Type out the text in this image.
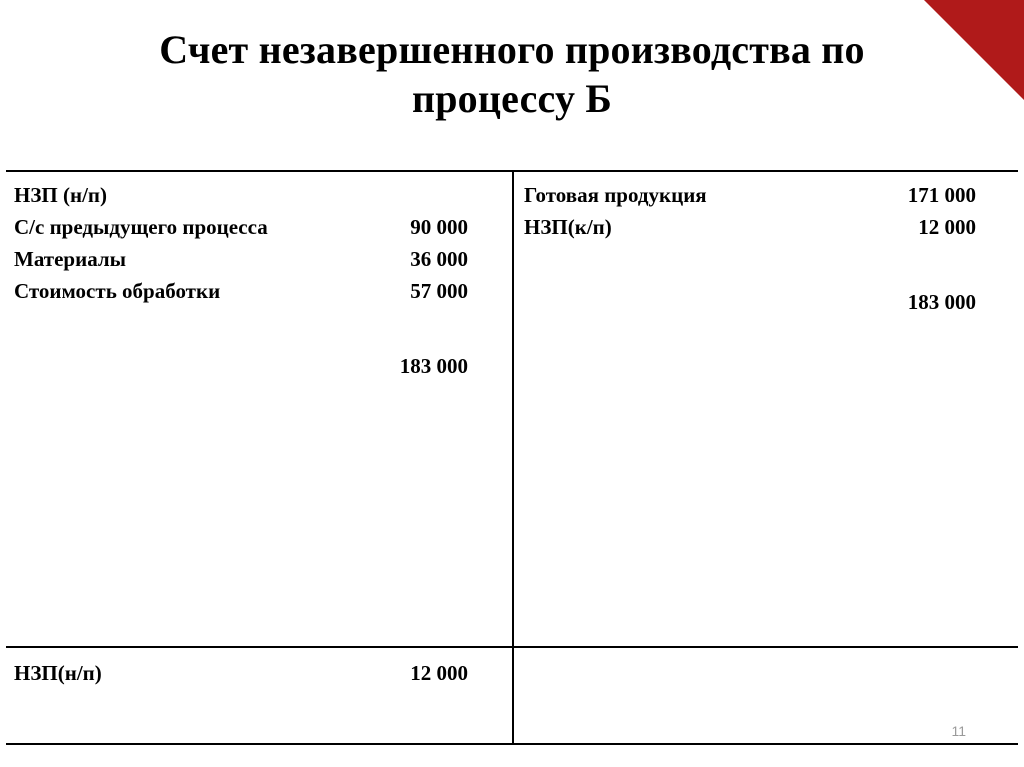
Счет незавершенного производства по процессу Б
НЗП (н/п)
С/с предыдущего процесса	90 000
Материалы	36 000
Стоимость обработки	57 000
183 000
Готовая продукция	171 000
НЗП(к/п)	12 000
183 000
НЗП(н/п)	12 000
11
